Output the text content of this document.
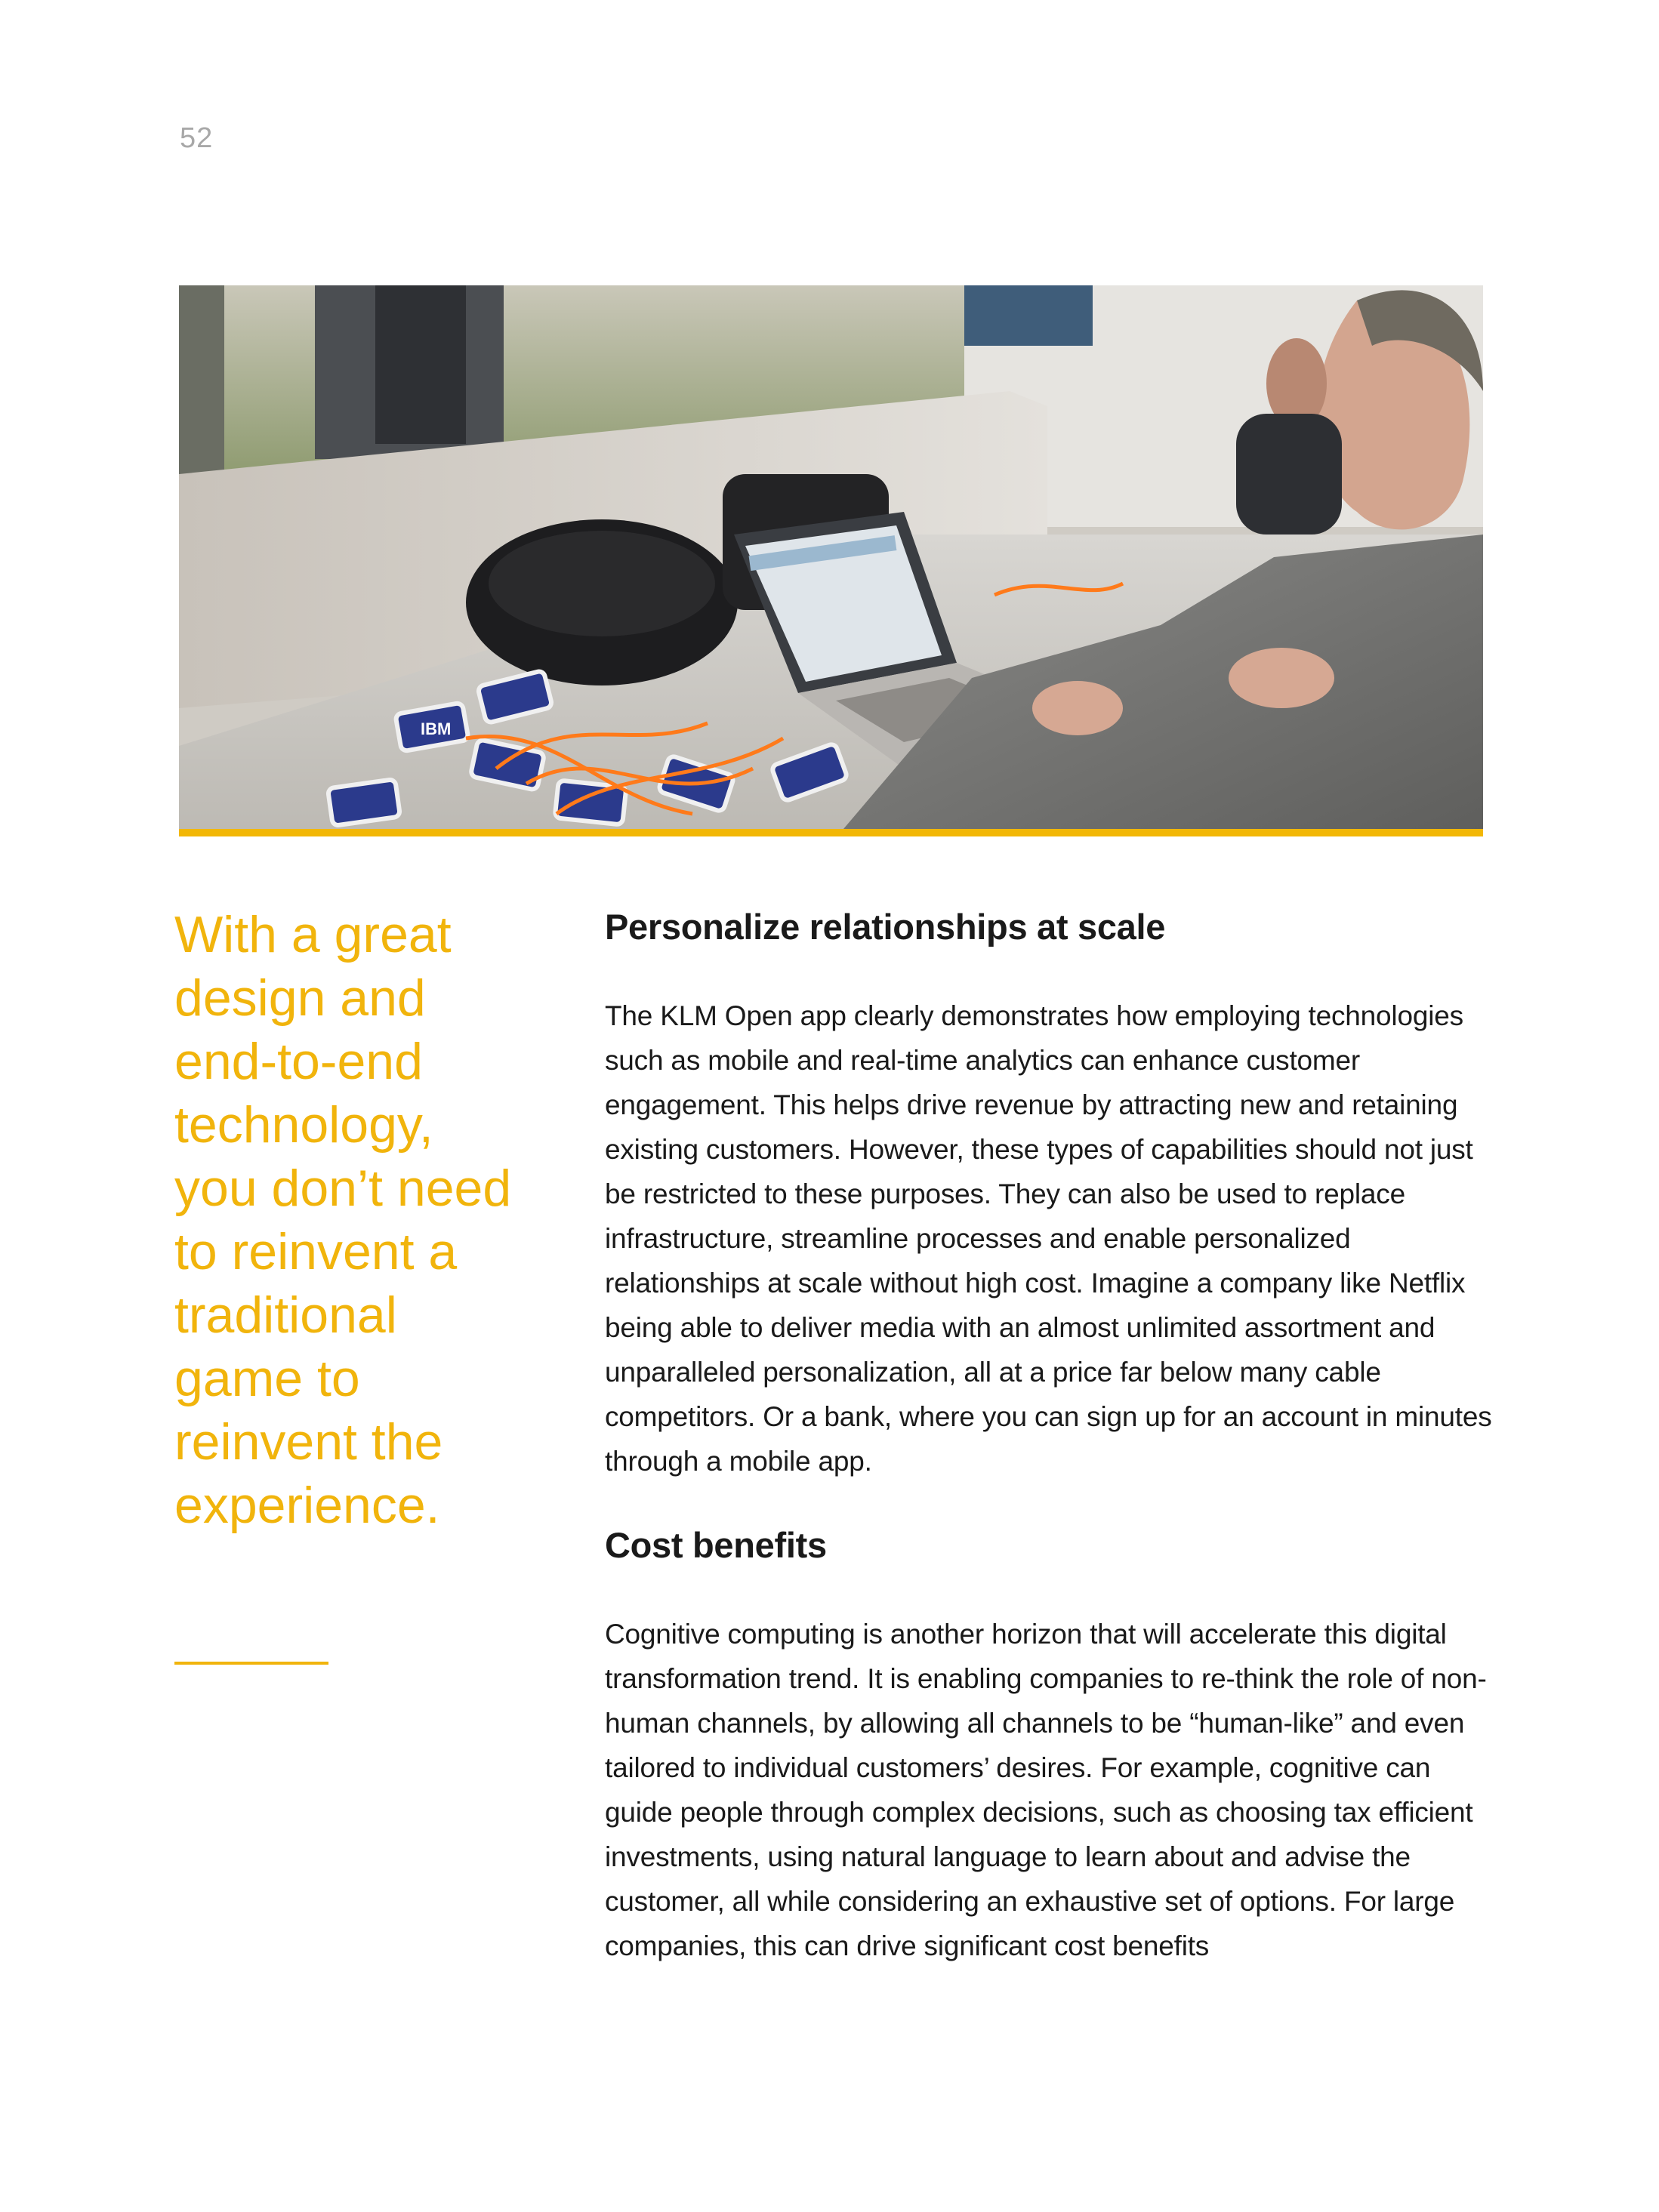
52
IBM
With a great design and end-to-end technology, you don’t need to reinvent a traditional game to reinvent the experience.
Personalize relationships at scale

The KLM Open app clearly demonstrates how employing technologies such as mobile and real-time analytics can enhance customer engagement. This helps drive revenue by attracting new and retaining existing customers. However, these types of capabilities should not just be restricted to these purposes. They can also be used to replace infrastructure, streamline processes and enable personalized relationships at scale without high cost. Imagine a company like Netflix being able to deliver media with an almost unlimited assortment and unparalleled personalization, all at a price far below many cable competitors. Or a bank, where you can sign up for an account in minutes through a mobile app.

Cost benefits

Cognitive computing is another horizon that will accelerate this digital transformation trend. It is enabling companies to re-think the role of non-human channels, by allowing all channels to be “human-like” and even tailored to individual customers’ desires. For example, cognitive can guide people through complex decisions, such as choosing tax efficient investments, using natural language to learn about and advise the customer, all while considering an exhaustive set of options. For large companies, this can drive significant cost benefits
